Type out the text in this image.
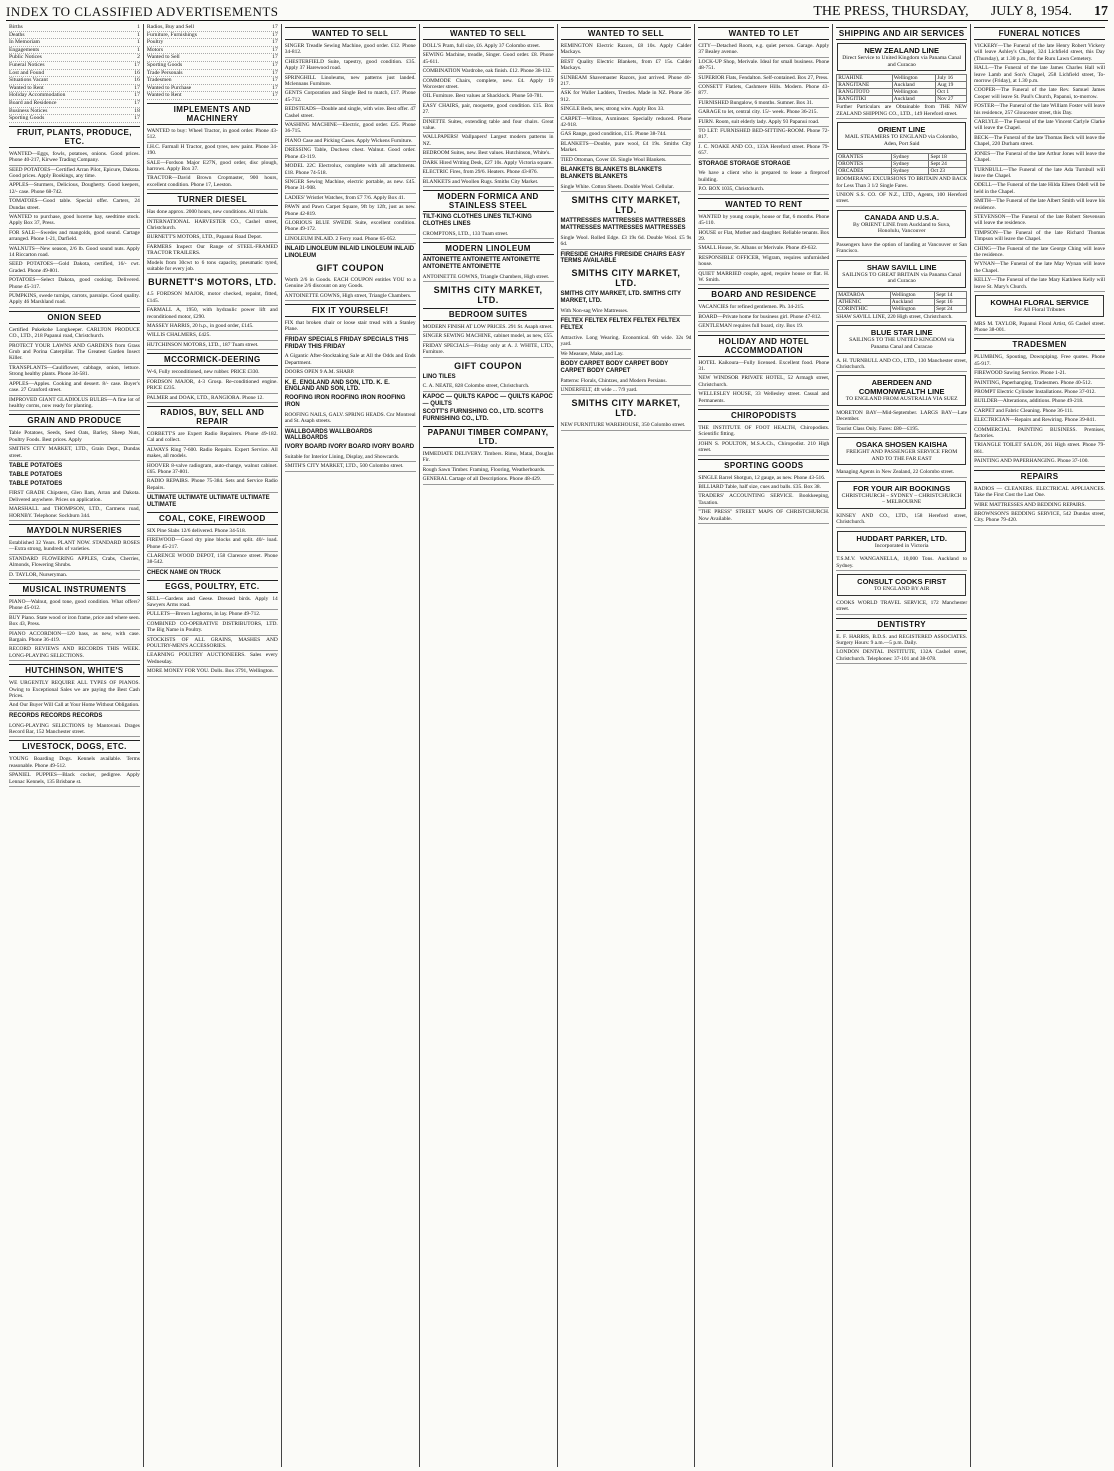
INDEX TO CLASSIFIED ADVERTISEMENTS	THE PRESS, THURSDAY, JULY 8, 1954. 17
Births	1
Deaths	1
In Memoriam	1
Engagements	1
Public Notices	2
Funeral Notices	17
Lost and Found	16
Situations Vacant	16
Wanted to Rent	17
Holiday Accommodation	17
Board and Residence	17
Business Notices	18
Sporting Goods	17
FRUIT, PLANTS, PRODUCE, ETC.

WANTED—Eggs, fowls, potatoes, onions. Good prices. Phone 40-217, Kirwee Trading Company.

SEED POTATOES—Certified Arran Pilot, Epicure, Dakota. Good prices. Apply Bookings, any time.

APPLES—Sturmers, Delicious, Dougherty. Good keepers, 12/- case. Phone 68-742.

TOMATOES—Good table. Special offer. Carters, 24 Dundas street.

WANTED to purchase, good lucerne hay, seedtime stock. Apply Box 37, Press.

FOR SALE—Swedes and mangolds, good sound. Cartage arranged. Phone 1-21, Darfield.

WALNUTS—New season, 2/6 lb. Good sound nuts. Apply 14 Riccarton road.

SEED POTATOES—Gold Dakota, certified, 16/- cwt. Graded. Phone 49-801.

POTATOES—Select Dakota, good cooking. Delivered. Phone 45-317.

PUMPKINS, swede turnips, carrots, parsnips. Good quality. Apply 46 Marshland road.

ONION SEED

Certified Pukekohe Longkeeper. CARLTON PRODUCE CO., LTD., 218 Papanui road, Christchurch.

PROTECT YOUR LAWNS AND GARDENS from Grass Grub and Porina Caterpillar. The Greatest Garden Insect Killer.

TRANSPLANTS—Cauliflower, cabbage, onion, lettuce. Strong healthy plants. Phone 34-581.

APPLES—Apples. Cooking and dessert. 8/- case. Buyer's case. 27 Cranford street.

IMPROVED GIANT GLADIOLUS BULBS—A fine lot of healthy corms, now ready for planting.

GRAIN AND PRODUCE

Table Potatoes, Seeds, Seed Oats, Barley, Sheep Nuts, Poultry Foods. Best prices. Apply

SMITH'S CITY MARKET, LTD., Grain Dept., Dundas street.

TABLE POTATOES
TABLE POTATOES
TABLE POTATOES

FIRST GRADE Chipsters, Glen Ilam, Arran and Dakota. Delivered anywhere. Prices on application.

MARSHALL and THOMPSON, LTD., Carmens road, HORNBY. Telephone: Sockburn 344.

MAYDOLN NURSERIES

Established 32 Years. PLANT NOW. STANDARD ROSES—Extra strong, hundreds of varieties.

STANDARD FLOWERING APPLES, Crabs, Cherries, Almonds, Flowering Shrubs.

D. TAYLOR, Nurseryman.

MUSICAL INSTRUMENTS

PIANO—Walnut, good tone, good condition. What offers? Phone 45-012.

BUY Piano. State wood or iron frame, price and where seen. Box 43, Press.

PIANO ACCORDION—120 bass, as new, with case. Bargain. Phone 36-419.

RECORD REVIEWS AND RECORDS THIS WEEK. LONG-PLAYING SELECTIONS.

HUTCHINSON, WHITE'S

WE URGENTLY REQUIRE ALL TYPES OF PIANOS. Owing to Exceptional Sales we are paying the Best Cash Prices.

And Our Buyer Will Call at Your Home Without Obligation.

RECORDS RECORDS RECORDS

LONG-PLAYING SELECTIONS by Mantovani. Drages Record Bar, 152 Manchester street.

LIVESTOCK, DOGS, ETC.

YOUNG Boarding Dogs. Kennels available. Terms reasonable. Phone 49-512.

SPANIEL PUPPIES—Black cocker, pedigree. Apply Lennac Kennels, 135 Brisbane st.

Radios, Buy and Sell	17
Furniture, Furnishings	17
Poultry	17
Motors	17
Wanted to Sell	17
Sporting Goods	17
Trade Personals	17
Tradesmen	17
Wanted to Purchase	17
Wanted to Rent	17
IMPLEMENTS AND MACHINERY

WANTED to buy: Wheel Tractor, in good order. Phone 43-512.

I.H.C. Farmall H Tractor, good tyres, new paint. Phone 34-190.

SALE—Fordson Major E27N, good order, disc plough, harrows. Apply Box 37.

TRACTOR—David Brown Cropmaster, 900 hours, excellent condition. Phone 17, Leeston.

TURNER DIESEL

Has done approx. 2000 hours, new conditions. All trials.

INTERNATIONAL HARVESTER CO., Cashel street, Christchurch.

BURNETT'S MOTORS, LTD., Papanui Road Depot.

FARMERS Inspect Our Range of STEEL-FRAMED TRACTOR TRAILERS.

Models from 30cwt to 6 tons capacity, pneumatic tyred, suitable for every job.

BURNETT'S MOTORS, LTD.

4.5 FORDSON MAJOR, motor checked, repaint, fitted, £145.

FARMALL A, 1950, with hydraulic power lift and reconditioned motor, £290.

MASSEY HARRIS, 20 h.p., in good order, £145.

WILLIS CHALMERS, £425.

HUTCHINSON MOTORS, LTD., 187 Tuam street.

MCCORMICK-DEERING

W-6, Fully reconditioned, new rubber. PRICE £330.

FORDSON MAJOR, 4-3 Grosp. Re-conditioned engine. PRICE £235.

PALMER and DOAK, LTD., RANGIORA. Phone 12.

RADIOS, BUY, SELL AND REPAIR

CORBETT'S are Expert Radio Repairers. Phone 49-182. Cal and collect.

ALWAYS Ring 7-600. Radio Repairs. Expert Service. All makes, all models.

HOOVER 8-valve radiogram, auto-change, walnut cabinet. £65. Phone 37-801.

RADIO REPAIRS. Phone 75-384. Sets and Service Radio Repairs.

ULTIMATE ULTIMATE ULTIMATE ULTIMATE ULTIMATE
COAL, COKE, FIREWOOD

SIX Pine Slabs 12/6 delivered. Phone 34-518.

FIREWOOD—Good dry pine blocks and split. 40/- load. Phone 45-217.

CLARENCE WOOD DEPOT, 158 Clarence street. Phone 38-542.

CHECK NAME ON TRUCK
EGGS, POULTRY, ETC.

SELL—Gardens and Geese. Dressed birds. Apply 14 Sawyers Arms road.

PULLETS—Brown Leghorns, in lay. Phone 49-712.

COMBINED CO-OPERATIVE DISTRIBUTORS, LTD. The Big Name in Poultry.

STOCKISTS OF ALL GRAINS, MASHES AND POULTRY-MEN'S ACCESSORIES.

LEARNING POULTRY AUCTIONEERS. Sales every Wednesday.

MORE MONEY FOR YOU. Dolls. Box 3791, Wellington.

WANTED TO SELL

SINGER Treadle Sewing Machine, good order. £12. Phone 34-812.

CHESTERFIELD Suite, tapestry, good condition. £35. Apply 37 Harewood road.

SPRINGHILL Linoleums, new patterns just landed. Mclennans Furniture.

GENTS Corporation and Single Bed to match, £17. Phone 45-712.

BEDSTEADS—Double and single, with wire. Best offer. 47 Cashel street.

WASHING MACHINE—Electric, good order. £25. Phone 36-715.

PIANO Case and Picking Cases. Apply Wickens Furniture.

DRESSING Table, Duchess chest. Walnut. Good order. Phone 43-119.

MODEL 22C Electrolux, complete with all attachments. £18. Phone 74-518.

SINGER Sewing Machine, electric portable, as new. £45. Phone 31-908.

LADIES' Wristlet Watches, from £7 7/6. Apply Box 41.

PAWN and Pawn Carpet Square, 9ft by 12ft, just as new. Phone 42-819.

GLORIOUS BLUE SWEDE Suite, excellent condition. Phone 49-172.

LINOLEUM INLAID. 2 Ferry road. Phone 65-052.

INLAID LINOLEUM INLAID LINOLEUM INLAID LINOLEUM
GIFT COUPON

Worth 2/6 in Goods. EACH COUPON entitles YOU to a Genuine 2/6 discount on any Goods.

ANTOINETTE GOWNS, High street, Triangle Chambers.

FIX IT YOURSELF!

FIX that broken chair or loose stair tread with a Stanley Plane.

FRIDAY SPECIALS FRIDAY SPECIALS THIS FRIDAY THIS FRIDAY

A Gigantic After-Stocktaking Sale at All the Odds and Ends Department.

DOORS OPEN 9 A.M. SHARP.

K. E. ENGLAND AND SON, LTD. K. E. ENGLAND AND SON, LTD.
ROOFING IRON ROOFING IRON ROOFING IRON

ROOFING NAILS, GALV. SPRING HEADS. Cnr Montreal and St. Asaph streets.

WALLBOARDS WALLBOARDS WALLBOARDS
IVORY BOARD IVORY BOARD IVORY BOARD

Suitable for Interior Lining, Display, and Showcards.

SMITH'S CITY MARKET, LTD., 500 Colombo street.

WANTED TO SELL

DOLL'S Pram, full size, £6. Apply 37 Colombo street.

SEWING Machine, treadle, Singer. Good order. £8. Phone 45-611.

COMBINATION Wardrobe, oak finish. £12. Phone 38-112.

COMMODE Chairs, complete, new. £4. Apply 19 Worcester street.

OIL Furniture. Best values at Shacklock. Phone 50-781.

EASY CHAIRS, pair, moquette, good condition. £15. Box 27.

DINETTE Suites, extending table and four chairs. Great value.

WALLPAPERS! Wallpapers! Largest modern patterns in NZ.

BEDROOM Suites, new. Best values. Hutchinson, White's.

DARK Hired Writing Desk, £27 10s. Apply Victoria square.

ELECTRIC Fires, from 29/6. Heaters. Phone 43-876.

BLANKETS and Woollen Rugs. Smiths City Market.

MODERN FORMICA AND STAINLESS STEEL
TILT-KING CLOTHES LINES TILT-KING CLOTHES LINES

CROMPTONS, LTD., 133 Tuam street.

MODERN LINOLEUM
ANTOINETTE ANTOINETTE ANTOINETTE ANTOINETTE ANTOINETTE

ANTOINETTE GOWNS, Triangle Chambers, High street.

SMITHS CITY MARKET, LTD.
BEDROOM SUITES

MODERN FINISH AT LOW PRICES. 291 St. Asaph street.

SINGER SEWING MACHINE, cabinet model, as new, £55.

FRIDAY SPECIALS—Friday only at A. J. WHITE, LTD., Furniture.

GIFT COUPON
LINO TILES

C. A. NEATE, 828 Colombo street, Christchurch.

KAPOC — QUILTS KAPOC — QUILTS KAPOC — QUILTS
SCOTT'S FURNISHING CO., LTD. SCOTT'S FURNISHING CO., LTD.
PAPANUI TIMBER COMPANY, LTD.

IMMEDIATE DELIVERY. Timbers. Rimu, Matai, Douglas Fir.

Rough Sawn Timber. Framing, Flooring, Weatherboards.

GENERAL Cartage of all Descriptions. Phone 48-429.

WANTED TO SELL

REMINGTON Electric Razors, £8 10s. Apply Calder Mackays.

BEST Quality Electric Blankets, from £7 15s. Calder Mackays.

SUNBEAM Shavemaster Razors, just arrived. Phone 40-217.

ASK for Waller Ladders, Trestles. Made in NZ. Phone 36-912.

SINGLE Beds, new, strong wire. Apply Box 33.

CARPET—Wilton, Axminster. Specially reduced. Phone 42-918.

GAS Range, good condition, £15. Phone 38-744.

BLANKETS—Double, pure wool, £4 19s. Smiths City Market.

TIED Ottoman, Cover £6. Single Wool Blankets.

BLANKETS BLANKETS BLANKETS BLANKETS BLANKETS

Single White. Cotton Sheets. Double Wool. Cellular.

SMITHS CITY MARKET, LTD.
MATTRESSES MATTRESSES MATTRESSES MATTRESSES MATTRESSES MATTRESSES

Single Wool. Rolled Edge. £3 19s 6d. Double Wool. £5 9s 6d.

FIRESIDE CHAIRS FIRESIDE CHAIRS EASY TERMS AVAILABLE
SMITHS CITY MARKET, LTD.
SMITHS CITY MARKET, LTD. SMITHS CITY MARKET, LTD.

With Non-sag Wire Mattresses.

FELTEX FELTEX FELTEX FELTEX FELTEX FELTEX

Attractive. Long Wearing. Economical. 6ft wide. 32s 9d yard.

We Measure, Make, and Lay.

BODY CARPET BODY CARPET BODY CARPET BODY CARPET

Patterns: Florals, Chintzes, and Modern Persians.

UNDERFELT, 4ft wide ... 7/9 yard.

SMITHS CITY MARKET, LTD.

NEW FURNITURE WAREHOUSE, 350 Colombo street.

WANTED TO LET

CITY—Detached Room, e.g. quiet person. Garage. Apply 37 Bealey avenue.

LOCK-UP Shop, Merivale. Ideal for small business. Phone 48-751.

SUPERIOR Flats, Fendalton. Self-contained. Box 27, Press.

CONSETT Flatlets, Cashmere Hills. Modern. Phone 43-877.

FURNISHED Bungalow, 6 months. Sumner. Box 31.

GARAGE to let, central city. 15/- week. Phone 36-215.

FURN. Room, suit elderly lady. Apply 93 Papanui road.

TO LET: FURNISHED BED-SITTING-ROOM. Phone 72-817.

J. C. NOAKE AND CO., 133A Hereford street. Phone 79-657.

STORAGE STORAGE STORAGE

We have a client who is prepared to lease a fireproof building.

P.O. BOX 1035, Christchurch.

WANTED TO RENT

WANTED by young couple, house or flat, 6 months. Phone 45-110.

HOUSE or Flat, Mother and daughter. Reliable tenants. Box 29.

SMALL House, St. Albans or Merivale. Phone 49-632.

RESPONSIBLE OFFICER, Wigram, requires unfurnished house.

QUIET MARRIED couple, aged, require house or flat. H. W. Smith.

BOARD AND RESIDENCE

VACANCIES for refined gentlemen. Ph. 34-215.

BOARD—Private home for business girl. Phone 47-812.

GENTLEMAN requires full board, city. Box 19.

HOLIDAY AND HOTEL ACCOMMODATION

HOTEL Kaikoura—Fully licensed. Excellent food. Phone 31.

NEW WINDSOR PRIVATE HOTEL, 52 Armagh street, Christchurch.

WELLESLEY HOUSE, 33 Wellesley street. Casual and Permanents.

CHIROPODISTS

THE INSTITUTE OF FOOT HEALTH, Chiropodists. Scientific fitting.

JOHN S. POULTON, M.S.A.Ch., Chiropodist. 210 High street.

SPORTING GOODS

SINGLE Barrel Shotgun, 12 gauge, as new. Phone 43-516.

BILLIARD Table, half size, cues and balls. £35. Box 38.

TRADERS' ACCOUNTING SERVICE. Bookkeeping, Taxation.

"THE PRESS" STREET MAPS OF CHRISTCHURCH. Now Available.

SHIPPING AND AIR SERVICES
NEW ZEALAND LINE
Direct Service to United Kingdom via Panama Canal and Curacao
RUAHINE	Wellington	July 16
RANGITANE	Auckland	Aug 19
RANGITOTO	Wellington	Oct 1
RANGITIKI	Auckland	Nov 27

Further Particulars are Obtainable from THE NEW ZEALAND SHIPPING CO., LTD., 149 Hereford street.

ORIENT LINE
MAIL STEAMERS TO ENGLAND via Colombo, Aden, Port Said
ORANTES	Sydney	Sept 18
ORONTES	Sydney	Sept 24
ORCADES	Sydney	Oct 23

BOOMERANG EXCURSIONS TO BRITAIN AND BACK for Less Than 3 1/2 Single Fares.

UNION S.S. CO. OF N.Z., LTD., Agents, 100 Hereford street.

CANADA AND U.S.A.
By ORIENT LINE from Auckland to Suva, Honolulu, Vancouver

Passengers have the option of landing at Vancouver or San Francisco.

SHAW SAVILL LINE
SAILINGS TO GREAT BRITAIN via Panama Canal and Curacao
MATAROA	Wellington	Sept 14
ATHENIC	Auckland	Sept 16
CORINTHIC	Wellington	Sept 24

SHAW SAVILL LINE, 220 High street, Christchurch.

BLUE STAR LINE
SAILINGS TO THE UNITED KINGDOM via Panama Canal and Curacao

A. H. TURNBULL AND CO., LTD., 130 Manchester street, Christchurch.

ABERDEEN AND COMMONWEALTH LINE
TO ENGLAND FROM AUSTRALIA VIA SUEZ

MORETON BAY—Mid-September. LARGS BAY—Late December.

Tourist Class Only. Fares: £80—£195.

OSAKA SHOSEN KAISHA
FREIGHT AND PASSENGER SERVICE FROM AND TO THE FAR EAST

Managing Agents in New Zealand, 22 Colombo street.

FOR YOUR AIR BOOKINGS
CHRISTCHURCH – SYDNEY – CHRISTCHURCH – MELBOURNE

KINSEY AND CO., LTD., 158 Hereford street, Christchurch.

HUDDART PARKER, LTD.
Incorporated in Victoria

T.S.M.V. WANGANELLA, 10,000 Tons. Auckland to Sydney.

CONSULT COOKS FIRST
TO ENGLAND BY AIR

COOKS WORLD TRAVEL SERVICE, 172 Manchester street.

DENTISTRY

E. F. HARRIS, B.D.S. and REGISTERED ASSOCIATES. Surgery Hours: 9 a.m.—5 p.m. Daily.

LONDON DENTAL INSTITUTE, 132A Cashel street, Christchurch. Telephones: 37-101 and 38-078.

FUNERAL NOTICES

VICKERY—The Funeral of the late Henry Robert Vickery will leave Ashley's Chapel, 324 Lichfield street, this Day (Thursday), at 1.30 p.m., for the Ruru Lawn Cemetery.

HALL—The Funeral of the late James Charles Hall will leave Lamb and Son's Chapel, 258 Lichfield street, To-morrow (Friday), at 1.30 p.m.

COOPER—The Funeral of the late Rev. Samuel James Cooper will leave St. Paul's Church, Papanui, to-morrow.

FOSTER—The Funeral of the late William Foster will leave his residence, 257 Gloucester street, this Day.

CARLYLE—The Funeral of the late Vincent Carlyle Clarke will leave the Chapel.

BECK—The Funeral of the late Thomas Beck will leave the Chapel, 220 Durham street.

JONES—The Funeral of the late Arthur Jones will leave the Chapel.

TURNBULL—The Funeral of the late Ada Turnbull will leave the Chapel.

ODELL—The Funeral of the late Hilda Eileen Odell will be held in the Chapel.

SMITH—The Funeral of the late Albert Smith will leave his residence.

STEVENSON—The Funeral of the late Robert Stevenson will leave the residence.

TIMPSON—The Funeral of the late Richard Thomas Timpson will leave the Chapel.

CHING—The Funeral of the late George Ching will leave the residence.

WYNAN—The Funeral of the late May Wynan will leave the Chapel.

KELLY—The Funeral of the late Mary Kathleen Kelly will leave St. Mary's Church.

KOWHAI FLORAL SERVICE
For All Floral Tributes

MRS M. TAYLOR, Papanui Floral Artist, 65 Cashel street. Phone 38-001.

TRADESMEN

PLUMBING, Spouting, Downpiping. Free quotes. Phone 45-917.

FIREWOOD Sawing Service. Phone 1-21.

PAINTING, Paperhanging. Tradesmen. Phone 40-512.

PROMPT Electric Cylinder Installations. Phone 37-012.

BUILDER—Alterations, additions. Phone 49-218.

CARPET and Fabric Cleaning. Phone 36-111.

ELECTRICIAN—Repairs and Rewiring. Phone 39-841.

COMMERCIAL PAINTING BUSINESS. Premises, factories.

TRIANGLE TOILET SALON, 261 High street. Phone 79-861.

PAINTING AND PAPERHANGING. Phone 37-100.

REPAIRS

RADIOS — CLEANERS. ELECTRICAL APPLIANCES. Take the First Cost the Last One.

WIRE MATTRESSES AND BEDDING REPAIRS.

BROWNSON'S BEDDING SERVICE, 542 Dundas street, City. Phone 79-420.
